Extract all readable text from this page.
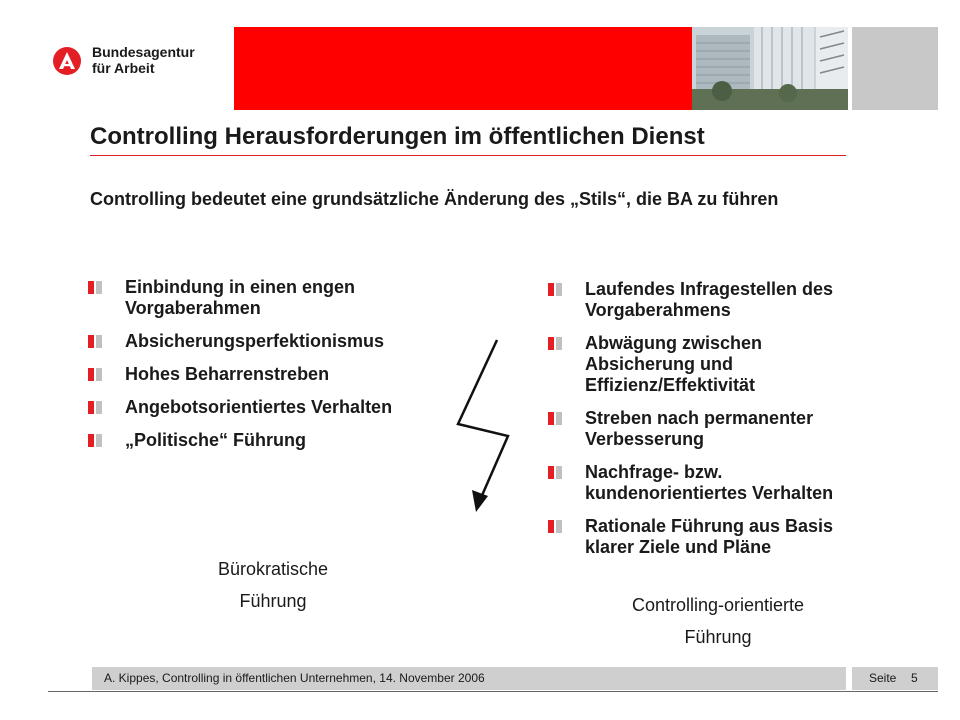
Bundesagentur
für Arbeit
Controlling Herausforderungen im öffentlichen Dienst
Controlling bedeutet eine grundsätzliche Änderung des „Stils“, die BA zu führen
Einbindung in einen engen
Vorgaberahmen
Absicherungsperfektionismus
Hohes Beharrenstreben
Angebotsorientiertes Verhalten
„Politische“ Führung
Laufendes Infragestellen des
Vorgaberahmens
Abwägung zwischen
Absicherung und
Effizienz/Effektivität
Streben nach permanenter
Verbesserung
Nachfrage- bzw.
kundenorientiertes Verhalten
Rationale Führung aus Basis
klarer Ziele und Pläne
Bürokratische
Führung	Controlling-orientierte
Führung
A. Kippes, Controlling in öffentlichen Unternehmen, 14. November 2006	Seite 5
